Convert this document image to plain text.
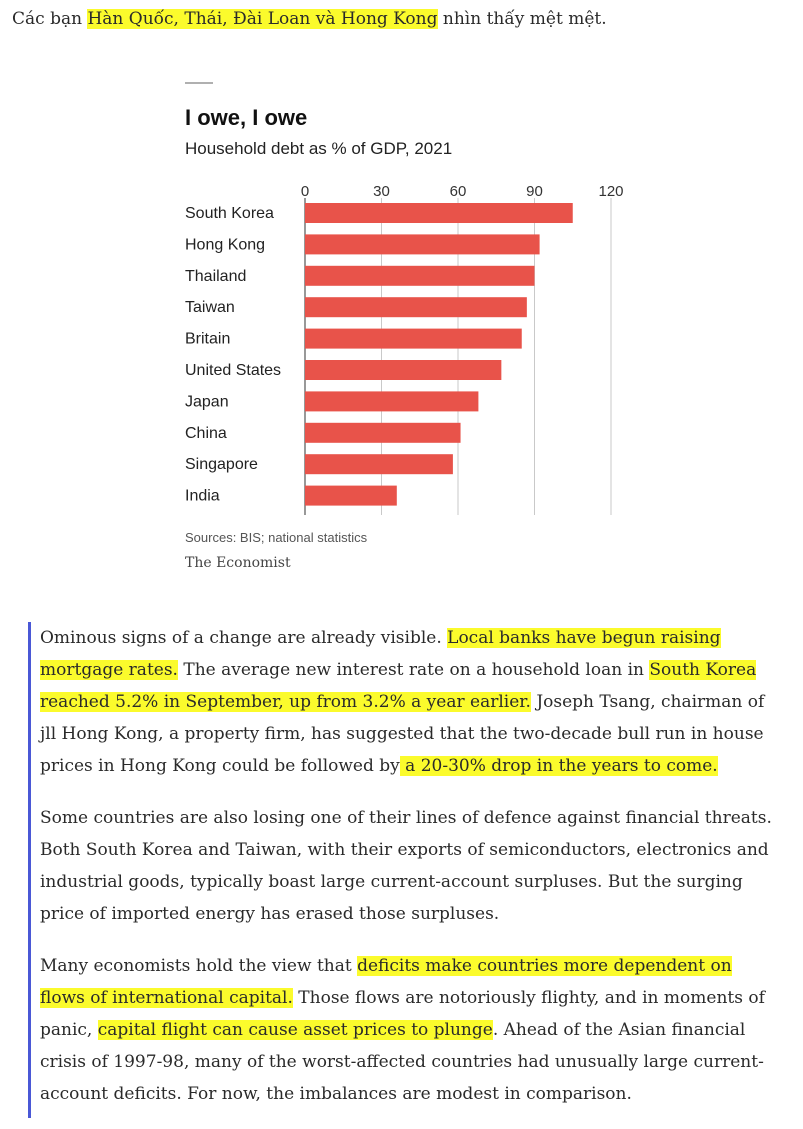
Các bạn Hàn Quốc, Thái, Đài Loan và Hong Kong nhìn thấy mệt mệt.
I owe, I owe
Household debt as % of GDP, 2021
0	30	60	90	120
South Korea
Hong Kong
Thailand
Taiwan
Britain
United States
Japan
China
Singapore
India
Sources: BIS; national statistics
The Economist

Ominous signs of a change are already visible. Local banks have begun raising mortgage rates. The average new interest rate on a household loan in South Korea reached 5.2% in September, up from 3.2% a year earlier. Joseph Tsang, chairman of jll Hong Kong, a property firm, has suggested that the two-decade bull run in house prices in Hong Kong could be followed by a 20-30% drop in the years to come.

Some countries are also losing one of their lines of defence against financial threats. Both South Korea and Taiwan, with their exports of semiconductors, electronics and industrial goods, typically boast large current-account surpluses. But the surging price of imported energy has erased those surpluses.

Many economists hold the view that deficits make countries more dependent on flows of international capital. Those flows are notoriously flighty, and in moments of panic, capital flight can cause asset prices to plunge. Ahead of the Asian financial crisis of 1997-98, many of the worst-affected countries had unusually large current-account deficits. For now, the imbalances are modest in comparison.
